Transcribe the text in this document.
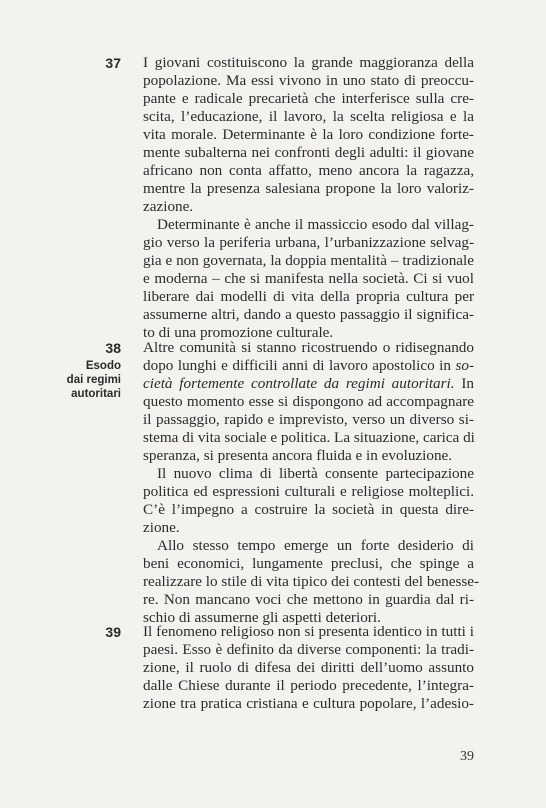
37 I giovani costituiscono la grande maggioranza della
popolazione. Ma essi vivono in uno stato di preoccu-
pante e radicale precarietà che interferisce sulla cre-
scita, l’educazione, il lavoro, la scelta religiosa e la
vita morale. Determinante è la loro condizione forte-
mente subalterna nei confronti degli adulti: il giovane
africano non conta affatto, meno ancora la ragazza,
mentre la presenza salesiana propone la loro valoriz-
zazione.
Determinante è anche il massiccio esodo dal villag-
gio verso la periferia urbana, l’urbanizzazione selvag-
gia e non governata, la doppia mentalità – tradizionale
e moderna – che si manifesta nella società. Ci si vuol
liberare dai modelli di vita della propria cultura per
assumerne altri, dando a questo passaggio il significa-
to di una promozione culturale.
38
Esodo
dai regimi
autoritari
Altre comunità si stanno ricostruendo o ridisegnando
dopo lunghi e difficili anni di lavoro apostolico in so-
cietà fortemente controllate da regimi autoritari. In
questo momento esse si dispongono ad accompagnare
il passaggio, rapido e imprevisto, verso un diverso si-
stema di vita sociale e politica. La situazione, carica di
speranza, si presenta ancora fluida e in evoluzione.
Il nuovo clima di libertà consente partecipazione
politica ed espressioni culturali e religiose molteplici.
C’è l’impegno a costruire la società in questa dire-
zione.
Allo stesso tempo emerge un forte desiderio di
beni economici, lungamente preclusi, che spinge a
realizzare lo stile di vita tipico dei contesti del benesse-
re. Non mancano voci che mettono in guardia dal ri-
schio di assumerne gli aspetti deteriori.
39 Il fenomeno religioso non si presenta identico in tutti i
paesi. Esso è definito da diverse componenti: la tradi-
zione, il ruolo di difesa dei diritti dell’uomo assunto
dalle Chiese durante il periodo precedente, l’integra-
zione tra pratica cristiana e cultura popolare, l’adesio-
39
